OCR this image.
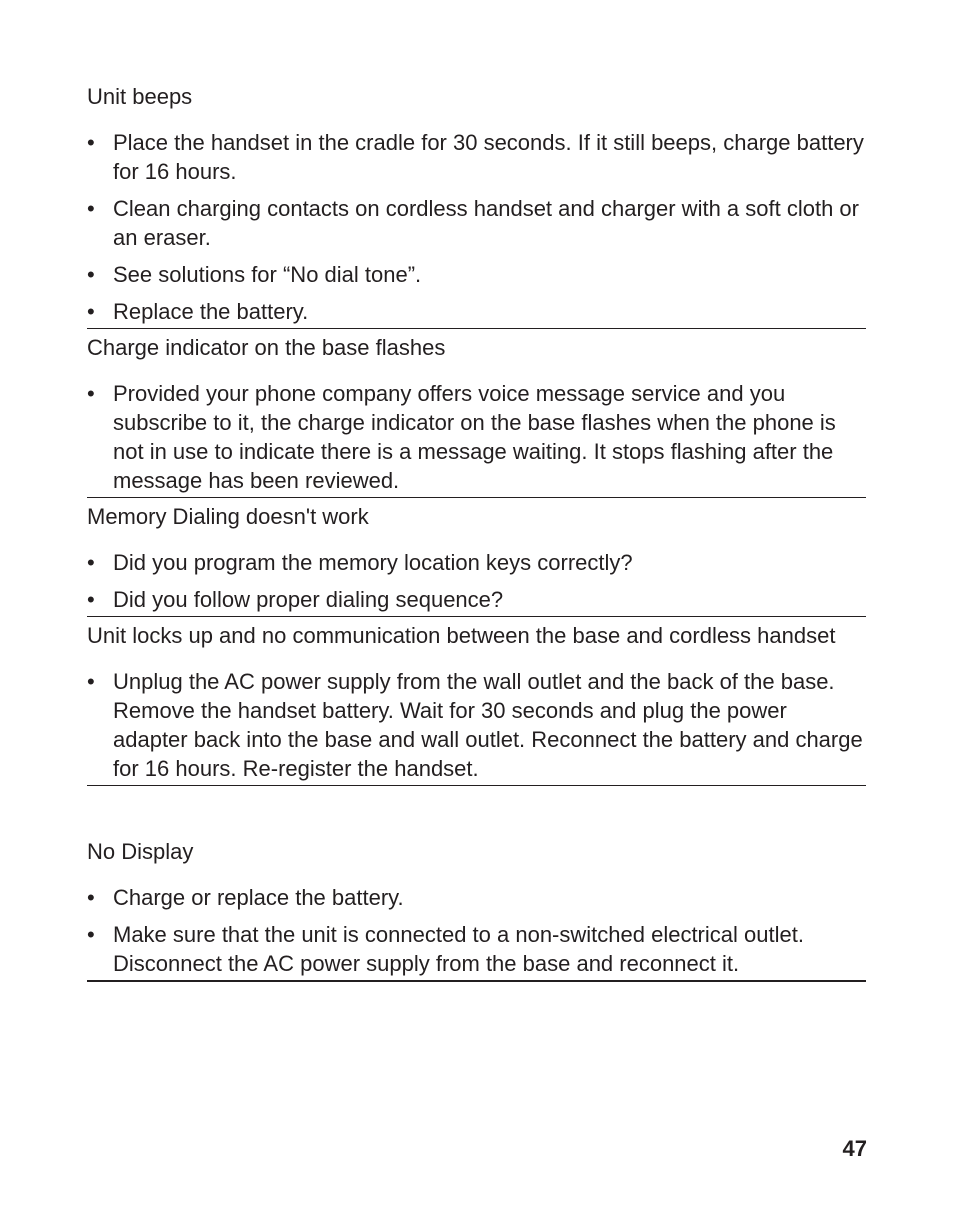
Unit beeps

• Place the handset in the cradle for 30 seconds. If it still beeps, charge battery for 16 hours.
• Clean charging contacts on cordless handset and charger with a soft cloth or an eraser.
• See solutions for “No dial tone”.
• Replace the battery.

Charge indicator on the base flashes

• Provided your phone company offers voice message service and you subscribe to it, the charge indicator on the base flashes when the phone is not in use to indicate there is a message waiting. It stops flashing after the message has been reviewed.

Memory Dialing doesn't work

• Did you program the memory location keys correctly?
• Did you follow proper dialing sequence?

Unit locks up and no communication between the base and cordless handset

• Unplug the AC power supply from the wall outlet and the back of the base. Remove the handset battery. Wait for 30 seconds and plug the power adapter back into the base and wall outlet. Reconnect the battery and charge for 16 hours. Re-register the handset.

No Display

• Charge or replace the battery.
• Make sure that the unit is connected to a non-switched electrical outlet. Disconnect the AC power supply from the base and reconnect it.
47
